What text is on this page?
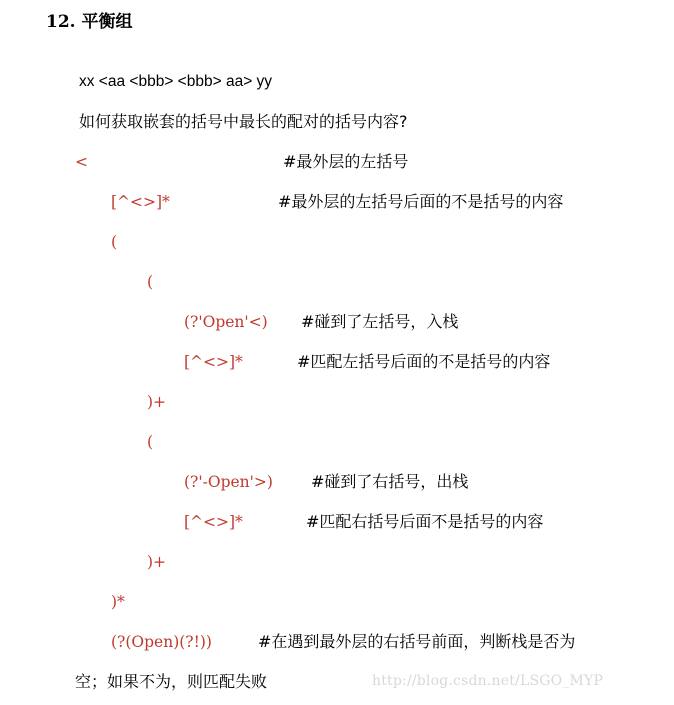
12. 平衡组
xx <aa <bbb> <bbb> aa> yy
如何获取嵌套的括号中最长的配对的括号内容?
<	#最外层的左括号
[^<>]*	#最外层的左括号后面的不是括号的内容
(
(
(?'Open'<) #碰到了左括号，入栈
[^<>]*	#匹配左括号后面的不是括号的内容
)+
(
(?'-Open'>) #碰到了右括号，出栈
[^<>]*	#匹配右括号后面不是括号的内容
)+
)*
(?(Open)(?!))	#在遇到最外层的右括号前面，判断栈是否为
空；如果不为，则匹配失败	http://blog.csdn.net/LSGO_MYP
